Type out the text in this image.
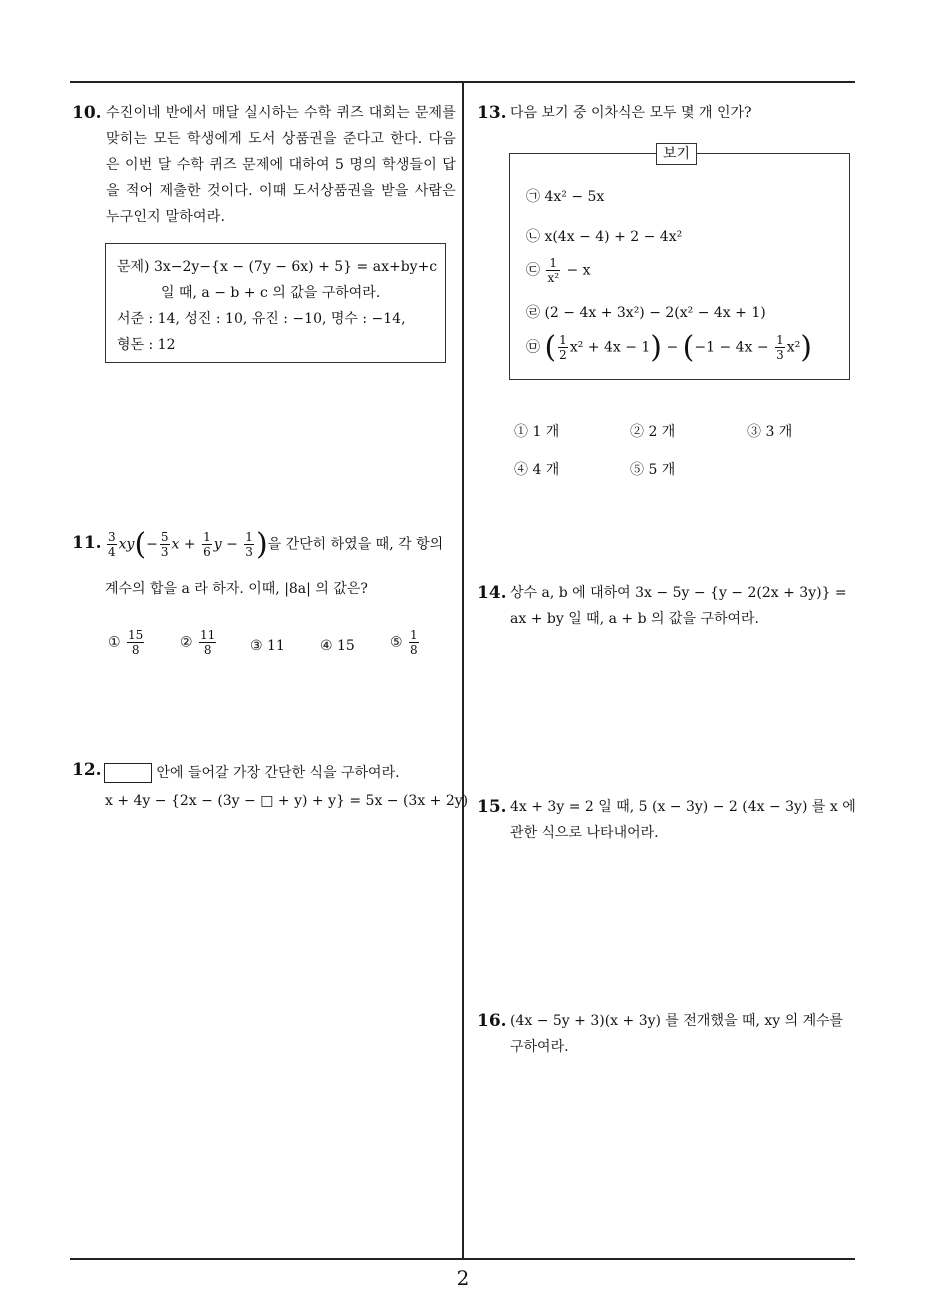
2
10. 수진이네 반에서 매달 실시하는 수학 퀴즈 대회는 문제를 맞히는 모든 학생에게 도서 상품권을 준다고 한다. 다음은 이번 달 수학 퀴즈 문제에 대하여 5 명의 학생들이 답을 적어 제출한 것이다. 이때 도서상품권을 받을 사람은 누구인지 말하여라.
문제) 3x−2y−{x − (7y − 6x) + 5} = ax+by+c
일 때, a − b + c 의 값을 구하여라.
서준 : 14, 성진 : 10, 유진 : −10, 명수 : −14,
형돈 : 12
11. $\frac{3}{4} xy(- \frac{5}{3}$ $x + \frac{1}{6}$ $y - \frac{1}{3}$ )을 간단히 하였을 때, 각 항의
계수의 합을 a 라 하자. 이때, |8a| 의 값은?
① $\frac{15}{8}$	② $\frac{11}{8}$ ③ 11	④ 15	⑤ $\frac{1}{8}$
12.	안에 들어갈 가장 간단한 식을 구하여라.
x + 4y − {2x − (3y − □ + y) + y} = 5x − (3x + 2y)
13. 다음 보기 중 이차식은 모두 몇 개 인가?
㉠ 4x² − 5x
㉡ x(4x − 4) + 2 − 4x²
㉢ $\frac{1}{\text{x²}} - x$
㉣ (2 − 4x + 3x²) − 2(x² − 4x + 1)
㉤ ( $\frac{1}{2} x^2 + 4x - 1) - (-1 - 4x - \frac{1}{3} x^2)$
보기
① 1 개	② 2 개	③ 3 개
④ 4 개	⑤ 5 개
14. 상수 a, b 에 대하여 3x − 5y − {y − 2(2x + 3y)} =
ax + by 일 때, a + b 의 값을 구하여라.
15. 4x + 3y = 2 일 때, 5 (x − 3y) − 2 (4x − 3y) 를 x 에
관한 식으로 나타내어라.
16. (4x − 5y + 3)(x + 3y) 를 전개했을 때, xy 의 계수를
구하여라.
